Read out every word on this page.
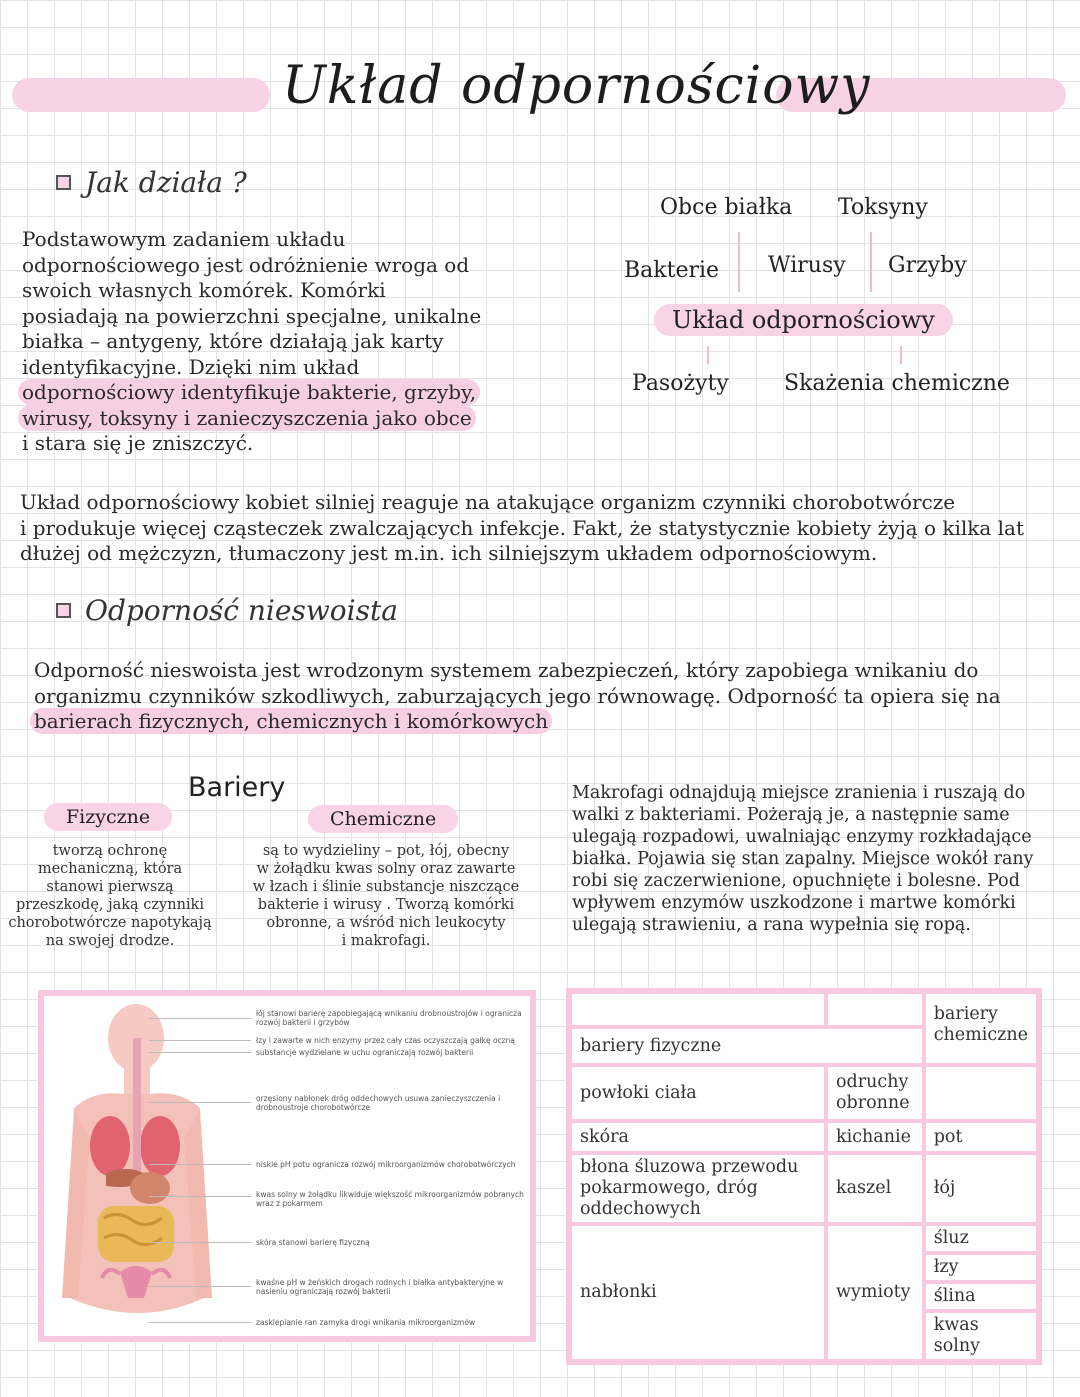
Układ odpornościowy
Jak działa ?
Podstawowym zadaniem układu
odpornościowego jest odróżnienie wroga od
swoich własnych komórek. Komórki
posiadają na powierzchni specjalne, unikalne
białka – antygeny, które działają jak karty
identyfikacyjne. Dzięki nim układ
odpornościowy identyfikuje bakterie, grzyby,
wirusy, toksyny i zanieczyszczenia jako obce
i stara się je zniszczyć.
Obce białka Toksyny
Bakterie Wirusy Grzyby
Układ odpornościowy
Pasożyty	Skażenia chemiczne
Układ odpornościowy kobiet silniej reaguje na atakujące organizm czynniki chorobotwórcze
i produkuje więcej cząsteczek zwalczających infekcje. Fakt, że statystycznie kobiety żyją o kilka lat
dłużej od mężczyzn, tłumaczony jest m.in. ich silniejszym układem odpornościowym.
Odporność nieswoista
Odporność nieswoista jest wrodzonym systemem zabezpieczeń, który zapobiega wnikaniu do
organizmu czynników szkodliwych, zaburzających jego równowagę. Odporność ta opiera się na
barierach fizycznych, chemicznych i komórkowych
Bariery
Fizyczne	Chemiczne
tworzą ochronę
mechaniczną, która
stanowi pierwszą
przeszkodę, jaką czynniki
chorobotwórcze napotykają
na swojej drodze.
są to wydzieliny – pot, łój, obecny
w żołądku kwas solny oraz zawarte
w łzach i ślinie substancje niszczące
bakterie i wirusy . Tworzą komórki
obronne, a wśród nich leukocyty
i makrofagi.
Makrofagi odnajdują miejsce zranienia i ruszają do
walki z bakteriami. Pożerają je, a następnie same
ulegają rozpadowi, uwalniając enzymy rozkładające
białka. Pojawia się stan zapalny. Miejsce wokół rany
robi się zaczerwienione, opuchnięte i bolesne. Pod
wpływem enzymów uszkodzone i martwe komórki
ulegają strawieniu, a rana wypełnia się ropą.
łój stanowi barierę zapobiegającą wnikaniu drobnoustrojów i ogranicza rozwój bakterii i grzybów
łzy i zawarte w nich enzymy przez cały czas oczyszczają gałkę oczną
substancje wydzielane w uchu ograniczają rozwój bakterii
orzęsiony nabłonek dróg oddechowych usuwa zanieczyszczenia i drobnoustroje chorobotwórcze
niskie pH potu ogranicza rozwój mikroorganizmów chorobotwórczych
kwas solny w żołądku likwiduje większość mikroorganizmów pobranych wraz z pokarmem
skóra stanowi barierę fizyczną
kwaśne pH w żeńskich drogach rodnych i białka antybakteryjne w nasieniu ograniczają rozwój bakterii
zasklepianie ran zamyka drogi wnikania mikroorganizmów
		bariery chemiczne
bariery fizyczne		
powłoki ciała	odruchy obronne	
skóra	kichanie	pot
błona śluzowa przewodu pokarmowego, dróg oddechowych	kaszel	łój
nabłonki	wymioty	śluz
		łzy
		ślina
		kwas solny
